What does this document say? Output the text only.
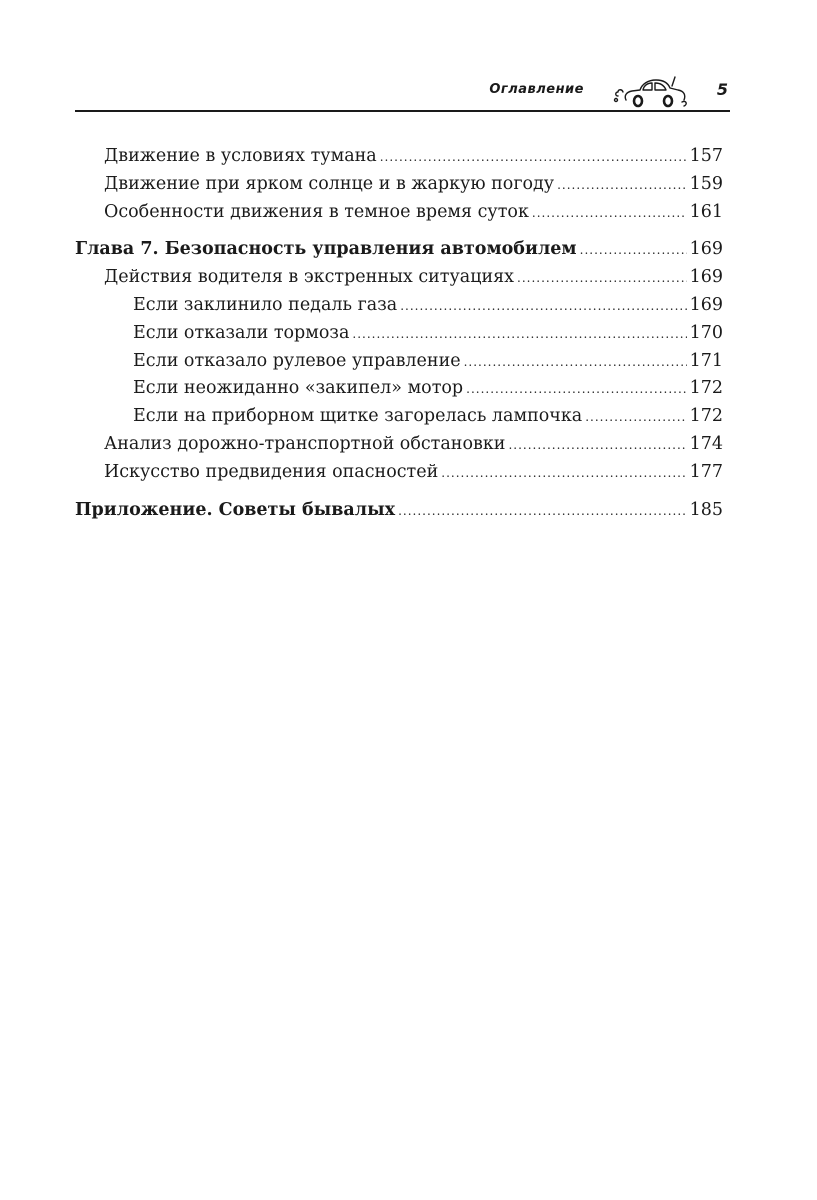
Оглавление	5
Движение в условиях тумана .....	157
Движение при ярком солнце и в жаркую погоду .....	159
Особенности движения в темное время суток .....	161
Глава 7. Безопасность управления автомобилем .....	169
Действия водителя в экстренных ситуациях .....	169
Если заклинило педаль газа .....	169
Если отказали тормоза .....	170
Если отказало рулевое управление .....	171
Если неожиданно «закипел» мотор .....	172
Если на приборном щитке загорелась лампочка .....	172
Анализ дорожно-транспортной обстановки .....	174
Искусство предвидения опасностей .....	177
Приложение. Советы бывалых .....	185
